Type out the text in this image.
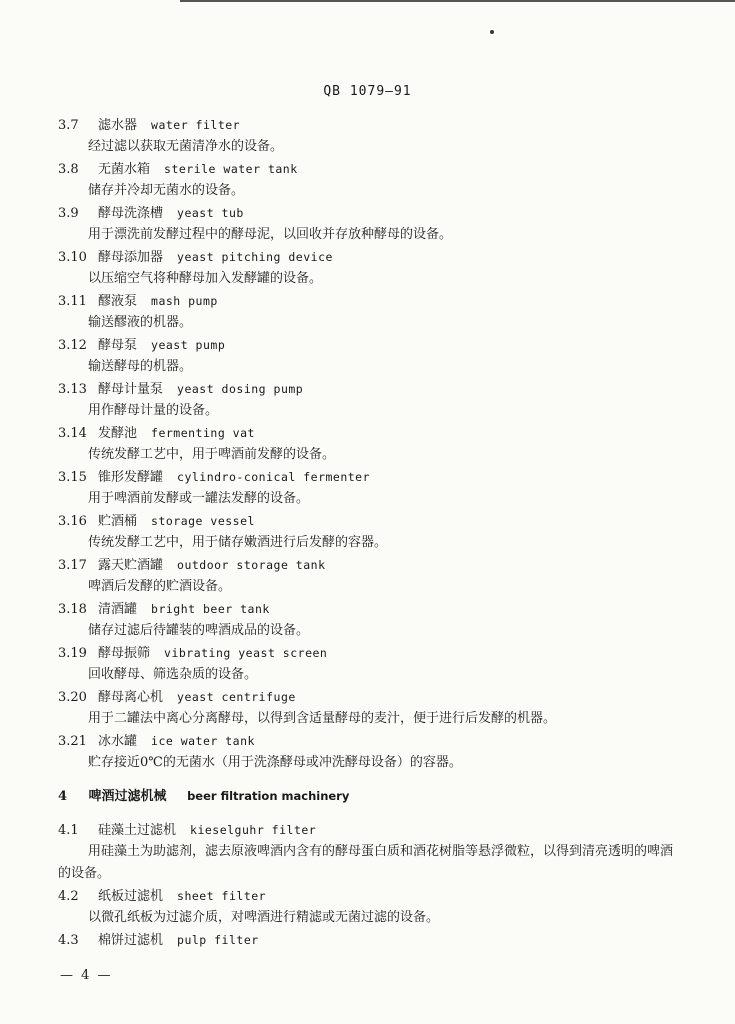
QB 1079—91
3.7 滤水器 water filter
经过滤以获取无菌清净水的设备。
3.8 无菌水箱 sterile water tank
储存并冷却无菌水的设备。
3.9 酵母洗涤槽 yeast tub
用于漂洗前发酵过程中的酵母泥，以回收并存放种酵母的设备。
3.10 酵母添加器 yeast pitching device
以压缩空气将种酵母加入发酵罐的设备。
3.11 醪液泵 mash pump
输送醪液的机器。
3.12 酵母泵 yeast pump
输送酵母的机器。
3.13 酵母计量泵 yeast dosing pump
用作酵母计量的设备。
3.14 发酵池 fermenting vat
传统发酵工艺中，用于啤酒前发酵的设备。
3.15 锥形发酵罐 cylindro-conical fermenter
用于啤酒前发酵或一罐法发酵的设备。
3.16 贮酒桶 storage vessel
传统发酵工艺中，用于储存嫩酒进行后发酵的容器。
3.17 露天贮酒罐 outdoor storage tank
啤酒后发酵的贮酒设备。
3.18 清酒罐 bright beer tank
储存过滤后待罐装的啤酒成品的设备。
3.19 酵母振筛 vibrating yeast screen
回收酵母、筛选杂质的设备。
3.20 酵母离心机 yeast centrifuge
用于二罐法中离心分离酵母，以得到含适量酵母的麦汁，便于进行后发酵的机器。
3.21 冰水罐 ice water tank
贮存接近0℃的无菌水（用于洗涤酵母或冲洗酵母设备）的容器。
4 啤酒过滤机械 beer filtration machinery
4.1 硅藻土过滤机 kieselguhr filter
用硅藻土为助滤剂，滤去原液啤酒内含有的酵母蛋白质和酒花树脂等悬浮微粒，以得到清亮透明的啤酒的设备。
4.2 纸板过滤机 sheet filter
以微孔纸板为过滤介质，对啤酒进行精滤或无菌过滤的设备。
4.3 棉饼过滤机 pulp filter
— 4 —
